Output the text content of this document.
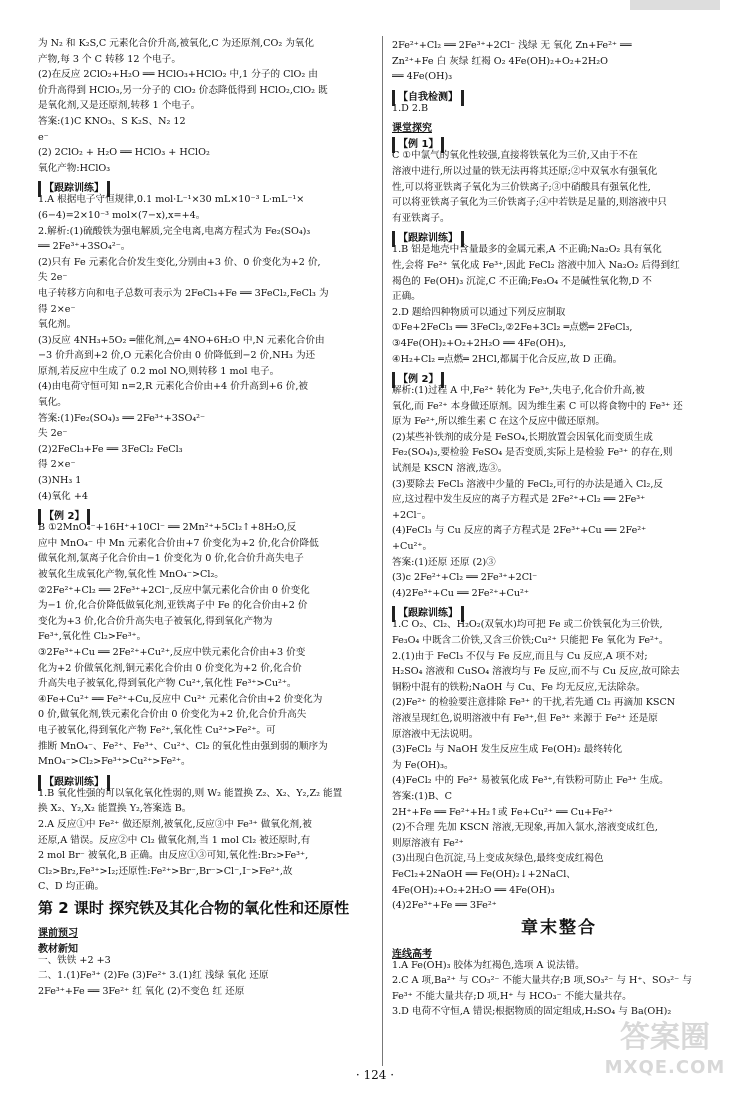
为 N₂ 和 K₂S,C 元素化合价升高,被氧化,C 为还原剂,CO₂ 为氧化
产物,每 3 个 C 转移 12 个电子。
(2)在反应 2ClO₂+H₂O ══ HClO₃+HClO₂ 中,1 分子的 ClO₂ 由
价升高得到 HClO₃,另一分子的 ClO₂ 价态降低得到 HClO₂,ClO₂ 既
是氧化剂,又是还原剂,转移 1 个电子。
答案:(1)C KNO₃、S K₂S、N₂ 12
e⁻
(2) 2ClO₂ + H₂O ══ HClO₃ + HClO₂
氧化产物:HClO₃
【跟踪训练】
1.A 根据电子守恒规律,0.1 mol·L⁻¹×30 mL×10⁻³ L·mL⁻¹×
(6−4)=2×10⁻³ mol×(7−x),x=+4。
2.解析:(1)硫酸铁为强电解质,完全电离,电离方程式为 Fe₂(SO₄)₃
══ 2Fe³⁺+3SO₄²⁻。
(2)只有 Fe 元素化合价发生变化,分别由+3 价、0 价变化为+2 价,
失 2e⁻
电子转移方向和电子总数可表示为 2FeCl₃+Fe ══ 3FeCl₂,FeCl₃ 为
得 2×e⁻
氧化剂。
(3)反应 4NH₃+5O₂ ═催化剂,△═ 4NO+6H₂O 中,N 元素化合价由
−3 价升高到+2 价,O 元素化合价由 0 价降低到−2 价,NH₃ 为还
原剂,若反应中生成了 0.2 mol NO,则转移 1 mol 电子。
(4)由电荷守恒可知 n=2,R 元素化合价由+4 价升高到+6 价,被
氧化。
答案:(1)Fe₂(SO₄)₃ ══ 2Fe³⁺+3SO₄²⁻
失 2e⁻
(2)2FeCl₃+Fe ══ 3FeCl₂ FeCl₃
得 2×e⁻
(3)NH₃ 1
(4)氧化 +4
【例 2】
B ①2MnO₄⁻+16H⁺+10Cl⁻ ══ 2Mn²⁺+5Cl₂↑+8H₂O,反
应中 MnO₄⁻ 中 Mn 元素化合价由+7 价变化为+2 价,化合价降低
做氧化剂,氯离子化合价由−1 价变化为 0 价,化合价升高失电子
被氧化生成氧化产物,氧化性 MnO₄⁻>Cl₂。
②2Fe²⁺+Cl₂ ══ 2Fe³⁺+2Cl⁻,反应中氯元素化合价由 0 价变化
为−1 价,化合价降低做氧化剂,亚铁离子中 Fe 的化合价由+2 价
变化为+3 价,化合价升高失电子被氧化,得到氧化产物为
Fe³⁺,氧化性 Cl₂>Fe³⁺。
③2Fe³⁺+Cu ══ 2Fe²⁺+Cu²⁺,反应中铁元素化合价由+3 价变
化为+2 价做氧化剂,铜元素化合价由 0 价变化为+2 价,化合价
升高失电子被氧化,得到氧化产物 Cu²⁺,氧化性 Fe³⁺>Cu²⁺。
④Fe+Cu²⁺ ══ Fe²⁺+Cu,反应中 Cu²⁺ 元素化合价由+2 价变化为
0 价,做氧化剂,铁元素化合价由 0 价变化为+2 价,化合价升高失
电子被氧化,得到氧化产物 Fe²⁺,氧化性 Cu²⁺>Fe²⁺。可
推断 MnO₄⁻、Fe²⁺、Fe³⁺、Cu²⁺、Cl₂ 的氧化性由强到弱的顺序为
MnO₄⁻>Cl₂>Fe³⁺>Cu²⁺>Fe²⁺。
【跟踪训练】
1.B 氧化性强的可以氧化氧化性弱的,则 W₂ 能置换 Z₂、X₂、Y₂,Z₂ 能置
换 X₂、Y₂,X₂ 能置换 Y₂,答案选 B。
2.A 反应①中 Fe²⁺ 做还原剂,被氧化,反应③中 Fe³⁺ 做氧化剂,被
还原,A 错误。反应②中 Cl₂ 做氧化剂,当 1 mol Cl₂ 被还原时,有
2 mol Br⁻ 被氧化,B 正确。由反应①③可知,氧化性:Br₂>Fe³⁺,
Cl₂>Br₂,Fe³⁺>I₂;还原性:Fe²⁺>Br⁻,Br⁻>Cl⁻,I⁻>Fe²⁺,故
C、D 均正确。
第 2 课时 探究铁及其化合物的氧化性和还原性
课前预习
教材新知
一、铁铁 +2 +3
二、1.(1)Fe³⁺ (2)Fe (3)Fe²⁺ 3.(1)红 浅绿 氧化 还原
2Fe³⁺+Fe ══ 3Fe²⁺ 红 氧化 (2)不变色 红 还原
2Fe²⁺+Cl₂ ══ 2Fe³⁺+2Cl⁻ 浅绿 无 氧化 Zn+Fe²⁺ ══
Zn²⁺+Fe 白 灰绿 红褐 O₂ 4Fe(OH)₂+O₂+2H₂O
══ 4Fe(OH)₃
【自我检测】
1.D 2.B
课堂探究
【例 1】
C ①中氯气的氧化性较强,直接将铁氧化为三价,又由于不在
溶液中进行,所以过量的铁无法再将其还原;②中双氧水有强氧化
性,可以将亚铁离子氧化为三价铁离子;③中硝酸具有强氧化性,
可以将亚铁离子氧化为三价铁离子;④中若铁是足量的,则溶液中只
有亚铁离子。
【跟踪训练】
1.B 铝是地壳中含量最多的金属元素,A 不正确;Na₂O₂ 具有氧化
性,会将 Fe²⁺ 氧化成 Fe³⁺,因此 FeCl₂ 溶液中加入 Na₂O₂ 后得到红
褐色的 Fe(OH)₃ 沉淀,C 不正确;Fe₃O₄ 不是碱性氧化物,D 不
正确。
2.D 题给四种物质可以通过下列反应制取
①Fe+2FeCl₃ ══ 3FeCl₂,②2Fe+3Cl₂ ═点燃═ 2FeCl₃,
③4Fe(OH)₂+O₂+2H₂O ══ 4Fe(OH)₃,
④H₂+Cl₂ ═点燃═ 2HCl,都属于化合反应,故 D 正确。
【例 2】
解析:(1)过程 A 中,Fe²⁺ 转化为 Fe³⁺,失电子,化合价升高,被
氧化,而 Fe²⁺ 本身做还原剂。因为维生素 C 可以将食物中的 Fe³⁺ 还
原为 Fe²⁺,所以维生素 C 在这个反应中做还原剂。
(2)某些补铁剂的成分是 FeSO₄,长期放置会因氧化而变质生成
Fe₂(SO₄)₃,要检验 FeSO₄ 是否变质,实际上是检验 Fe³⁺ 的存在,则
试剂是 KSCN 溶液,选③。
(3)要除去 FeCl₃ 溶液中少量的 FeCl₂,可行的办法是通入 Cl₂,反
应,这过程中发生反应的离子方程式是 2Fe²⁺+Cl₂ ══ 2Fe³⁺
+2Cl⁻。
(4)FeCl₃ 与 Cu 反应的离子方程式是 2Fe³⁺+Cu ══ 2Fe²⁺
+Cu²⁺。
答案:(1)还原 还原 (2)③
(3)c 2Fe²⁺+Cl₂ ══ 2Fe³⁺+2Cl⁻
(4)2Fe³⁺+Cu ══ 2Fe²⁺+Cu²⁺
【跟踪训练】
1.C O₂、Cl₂、H₂O₂(双氧水)均可把 Fe 或二价铁氧化为三价铁,
Fe₃O₄ 中既含二价铁,又含三价铁;Cu²⁺ 只能把 Fe 氧化为 Fe²⁺。
2.(1)由于 FeCl₃ 不仅与 Fe 反应,而且与 Cu 反应,A 项不对;
H₂SO₄ 溶液和 CuSO₄ 溶液均与 Fe 反应,而不与 Cu 反应,故可除去
铜粉中混有的铁粉;NaOH 与 Cu、Fe 均无反应,无法除杂。
(2)Fe²⁺ 的检验要注意排除 Fe³⁺ 的干扰,若先通 Cl₂ 再滴加 KSCN
溶液呈现红色,说明溶液中有 Fe³⁺,但 Fe³⁺ 来源于 Fe²⁺ 还是原
原溶液中无法说明。
(3)FeCl₂ 与 NaOH 发生反应生成 Fe(OH)₂ 最终转化
为 Fe(OH)₃。
(4)FeCl₂ 中的 Fe²⁺ 易被氧化成 Fe³⁺,有铁粉可防止 Fe³⁺ 生成。
答案:(1)B、C
2H⁺+Fe ══ Fe²⁺+H₂↑或 Fe+Cu²⁺ ══ Cu+Fe²⁺
(2)不合理 先加 KSCN 溶液,无现象,再加入氯水,溶液变成红色,
则原溶液有 Fe²⁺
(3)出现白色沉淀,马上变成灰绿色,最终变成红褐色
FeCl₂+2NaOH ══ Fe(OH)₂↓+2NaCl、
4Fe(OH)₂+O₂+2H₂O ══ 4Fe(OH)₃
(4)2Fe³⁺+Fe ══ 3Fe²⁺
章末整合
连线高考
1.A Fe(OH)₃ 胶体为红褐色,选项 A 说法错。
2.C A 项,Ba²⁺ 与 CO₃²⁻ 不能大量共存;B 项,SO₃²⁻ 与 H⁺、SO₃²⁻ 与
Fe³⁺ 不能大量共存;D 项,H⁺ 与 HCO₃⁻ 不能大量共存。
3.D 电荷不守恒,A 错误;根据物质的固定组成,H₂SO₄ 与 Ba(OH)₂
· 124 ·
答案圈
MXQE.COM
